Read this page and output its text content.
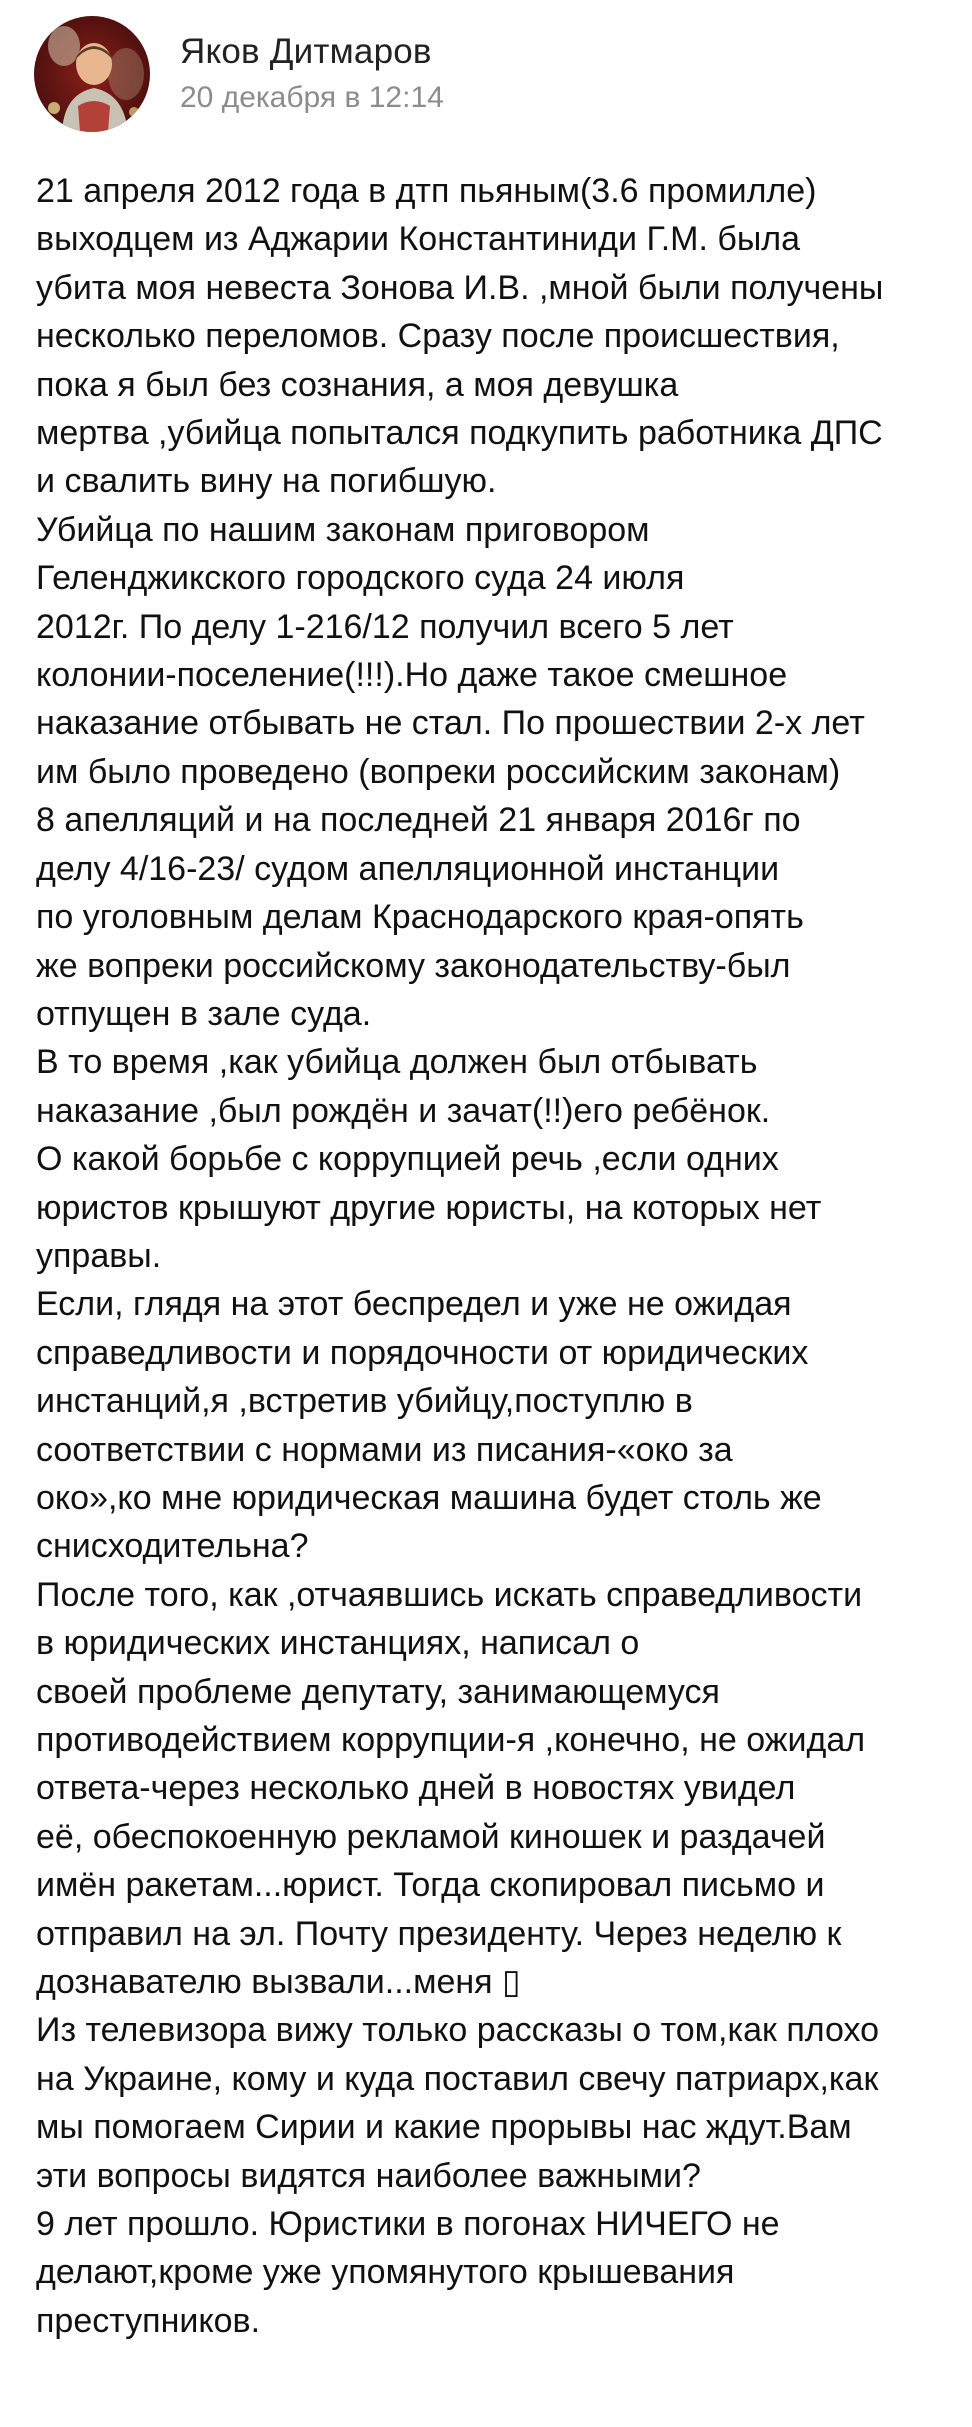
Яков Дитмаров
20 декабря в 12:14
21 апреля 2012 года в дтп пьяным(3.6 промилле)
выходцем из Аджарии Константиниди Г.М. была
убита моя невеста Зонова И.В. ,мной были получены
несколько переломов. Сразу после происшествия,
пока я был без сознания, а моя девушка
мертва ,убийца попытался подкупить работника ДПС
и свалить вину на погибшую.
Убийца по нашим законам приговором
Геленджикского городского суда 24 июля
2012г. По делу 1-216/12 получил всего 5 лет
колонии-поселение(!!!).Но даже такое смешное
наказание отбывать не стал. По прошествии 2-х лет
им было проведено (вопреки российским законам)
8 апелляций и на последней 21 января 2016г по
делу 4/16-23/ судом апелляционной инстанции
по уголовным делам Краснодарского края-опять
же вопреки российскому законодательству-был
отпущен в зале суда.
В то время ,как убийца должен был отбывать
наказание ,был рождён и зачат(!!)его ребёнок.
О какой борьбе с коррупцией речь ,если одних
юристов крышуют другие юристы, на которых нет
управы.
Если, глядя на этот беспредел и уже не ожидая
справедливости и порядочности от юридических
инстанций,я ,встретив убийцу,поступлю в
соответствии с нормами из писания-«око за
око»,ко мне юридическая машина будет столь же
снисходительна?
После того, как ,отчаявшись искать справедливости
в юридических инстанциях, написал о
своей проблеме депутату, занимающемуся
противодействием коррупции-я ,конечно, не ожидал
ответа-через несколько дней в новостях увидел
её, обеспокоенную рекламой киношек и раздачей
имён ракетам...юрист. Тогда скопировал письмо и
отправил на эл. Почту президенту. Через неделю к
дознавателю вызвали...меня ▯
Из телевизора вижу только рассказы о том,как плохо
на Украине, кому и куда поставил свечу патриарх,как
мы помогаем Сирии и какие прорывы нас ждут.Вам
эти вопросы видятся наиболее важными?
9 лет прошло. Юристики в погонах НИЧЕГО не
делают,кроме уже упомянутого крышевания
преступников.
